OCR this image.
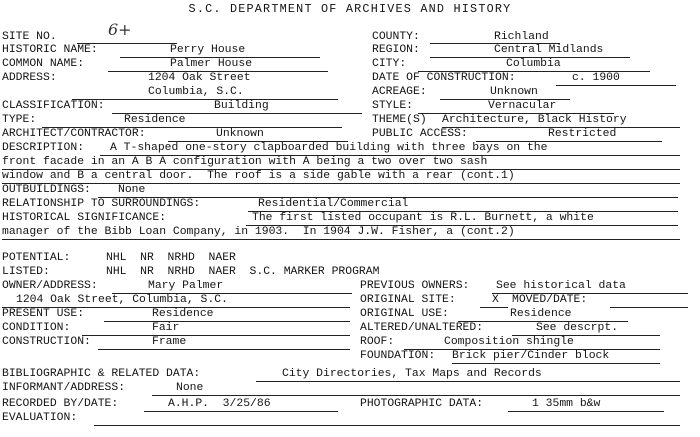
S.C. DEPARTMENT OF ARCHIVES AND HISTORY
SITE NO.	6+	COUNTY:	Richland
HISTORIC NAME:	Perry House	REGION:	Central Midlands
COMMON NAME:	Palmer House	CITY:	Columbia
ADDRESS:	1204 Oak Street	DATE OF CONSTRUCTION:	c. 1900
Columbia, S.C.	ACREAGE:	Unknown
CLASSIFICATION:	Building	STYLE:	Vernacular
TYPE:	Residence	THEME(S) Architecture, Black History
ARCHITECT/CONTRACTOR:	Unknown	PUBLIC ACCESS:	Restricted
DESCRIPTION: A T-shaped one-story clapboarded building with three bays on the
front facade in an A B A configuration with A being a two over two sash
window and B a central door.  The roof is a side gable with a rear (cont.1)
OUTBUILDINGS: None
RELATIONSHIP TO SURROUNDINGS:	Residential/Commercial
HISTORICAL SIGNIFICANCE:	The first listed occupant is R.L. Burnett, a white
manager of the Bibb Loan Company, in 1903.  In 1904 J.W. Fisher, a (cont.2)
POTENTIAL:	NHL  NR  NRHD  NAER
LISTED:	NHL  NR  NRHD  NAER  S.C. MARKER PROGRAM
OWNER/ADDRESS:	Mary Palmer	PREVIOUS OWNERS: See historical data
1204 Oak Street, Columbia, S.C.	ORIGINAL SITE:	X MOVED/DATE:
PRESENT USE:	Residence	ORIGINAL USE:	Residence
CONDITION:	Fair	ALTERED/UNALTERED:	See descrpt.
CONSTRUCTION:	Frame	ROOF:	Composition shingle
FOUNDATION: Brick pier/Cinder block
BIBLIOGRAPHIC & RELATED DATA:	City Directories, Tax Maps and Records
INFORMANT/ADDRESS:	None
RECORDED BY/DATE:	A.H.P.  3/25/86	PHOTOGRAPHIC DATA:	1 35mm b&w
EVALUATION:
